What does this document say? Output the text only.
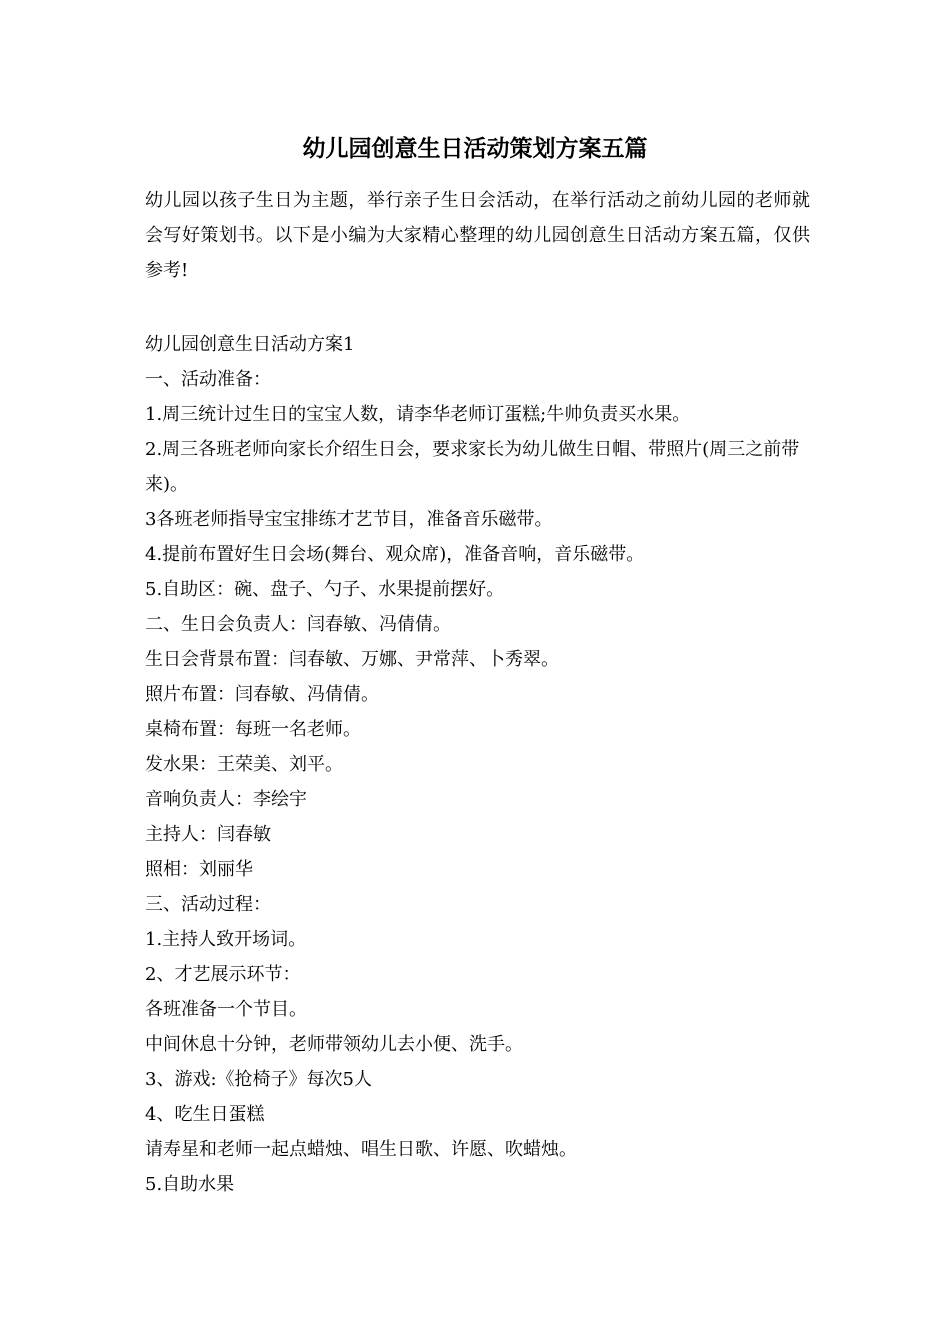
幼儿园创意生日活动策划方案五篇

幼儿园以孩子生日为主题，举行亲子生日会活动，在举行活动之前幼儿园的老师就会写好策划书。以下是小编为大家精心整理的幼儿园创意生日活动方案五篇，仅供参考!

幼儿园创意生日活动方案1
一、活动准备：
1.周三统计过生日的宝宝人数，请李华老师订蛋糕;牛帅负责买水果。
2.周三各班老师向家长介绍生日会，要求家长为幼儿做生日帽、带照片(周三之前带来)。
3各班老师指导宝宝排练才艺节目，准备音乐磁带。
4.提前布置好生日会场(舞台、观众席)，准备音响，音乐磁带。
5.自助区：碗、盘子、勺子、水果提前摆好。
二、生日会负责人：闫春敏、冯倩倩。
生日会背景布置：闫春敏、万娜、尹常萍、卜秀翠。
照片布置：闫春敏、冯倩倩。
桌椅布置：每班一名老师。
发水果：王荣美、刘平。
音响负责人：李绘宇
主持人：闫春敏
照相：刘丽华
三、活动过程：
1.主持人致开场词。
2、才艺展示环节：
各班准备一个节目。
中间休息十分钟，老师带领幼儿去小便、洗手。
3、游戏:《抢椅子》每次5人
4、吃生日蛋糕
请寿星和老师一起点蜡烛、唱生日歌、许愿、吹蜡烛。
5.自助水果
